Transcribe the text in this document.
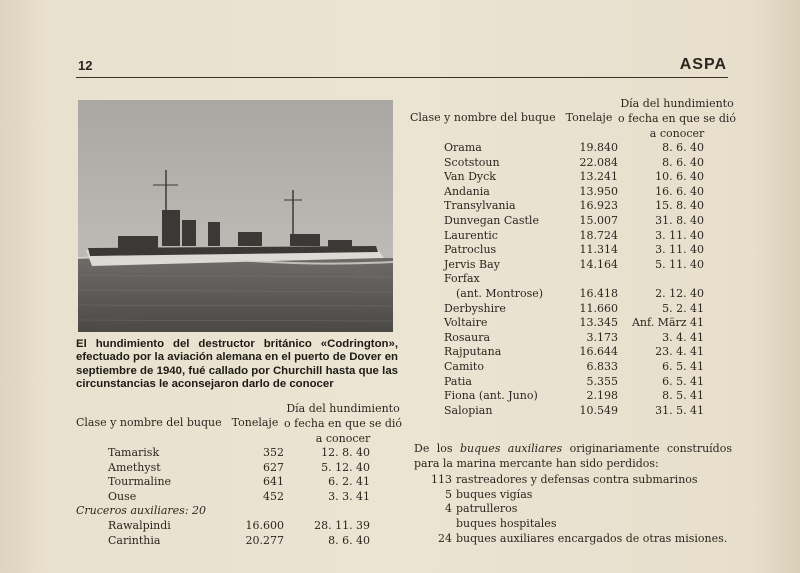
12	ASPA
El hundimiento del destructor británico «Codrington», efectuado por la aviación alemana en el puerto de Dover en septiembre de 1940, fué callado por Churchill hasta que las circunstancias le aconsejaron darlo de conocer
Clase y nombre del buque	Tonelaje	Día del hundimiento
o fecha en que se dió
a conocer

Tamarisk	352	12. 8. 40
Amethyst	627	5. 12. 40
Tourmaline	641	6. 2. 41
Ouse	452	3. 3. 41
Cruceros auxiliares: 20		
Rawalpindi	16.600	28. 11. 39
Carinthia	20.277	8. 6. 40
Clase y nombre del buque	Tonelaje	Día del hundimiento
o fecha en que se dió
a conocer

Orama	19.840	8. 6. 40
Scotstoun	22.084	8. 6. 40
Van Dyck	13.241	10. 6. 40
Andania	13.950	16. 6. 40
Transylvania	16.923	15. 8. 40
Dunvegan Castle	15.007	31. 8. 40
Laurentic	18.724	3. 11. 40
Patroclus	11.314	3. 11. 40
Jervis Bay	14.164	5. 11. 40
Forfax		
(ant. Montrose)	16.418	2. 12. 40
Derbyshire	11.660	5. 2. 41
Voltaire	13.345	Anf. März 41
Rosaura	3.173	3. 4. 41
Rajputana	16.644	23. 4. 41
Camito	6.833	6. 5. 41
Patia	5.355	6. 5. 41
Fiona (ant. Juno)	2.198	8. 5. 41
Salopian	10.549	31. 5. 41

De los buques auxiliares originariamente construídos para la marina mercante han sido perdidos:

113 rastreadores y defensas contra submarinos
5 buques vigías
4 patrulleros
buques hospitales
24 buques auxiliares encargados de otras misiones.
